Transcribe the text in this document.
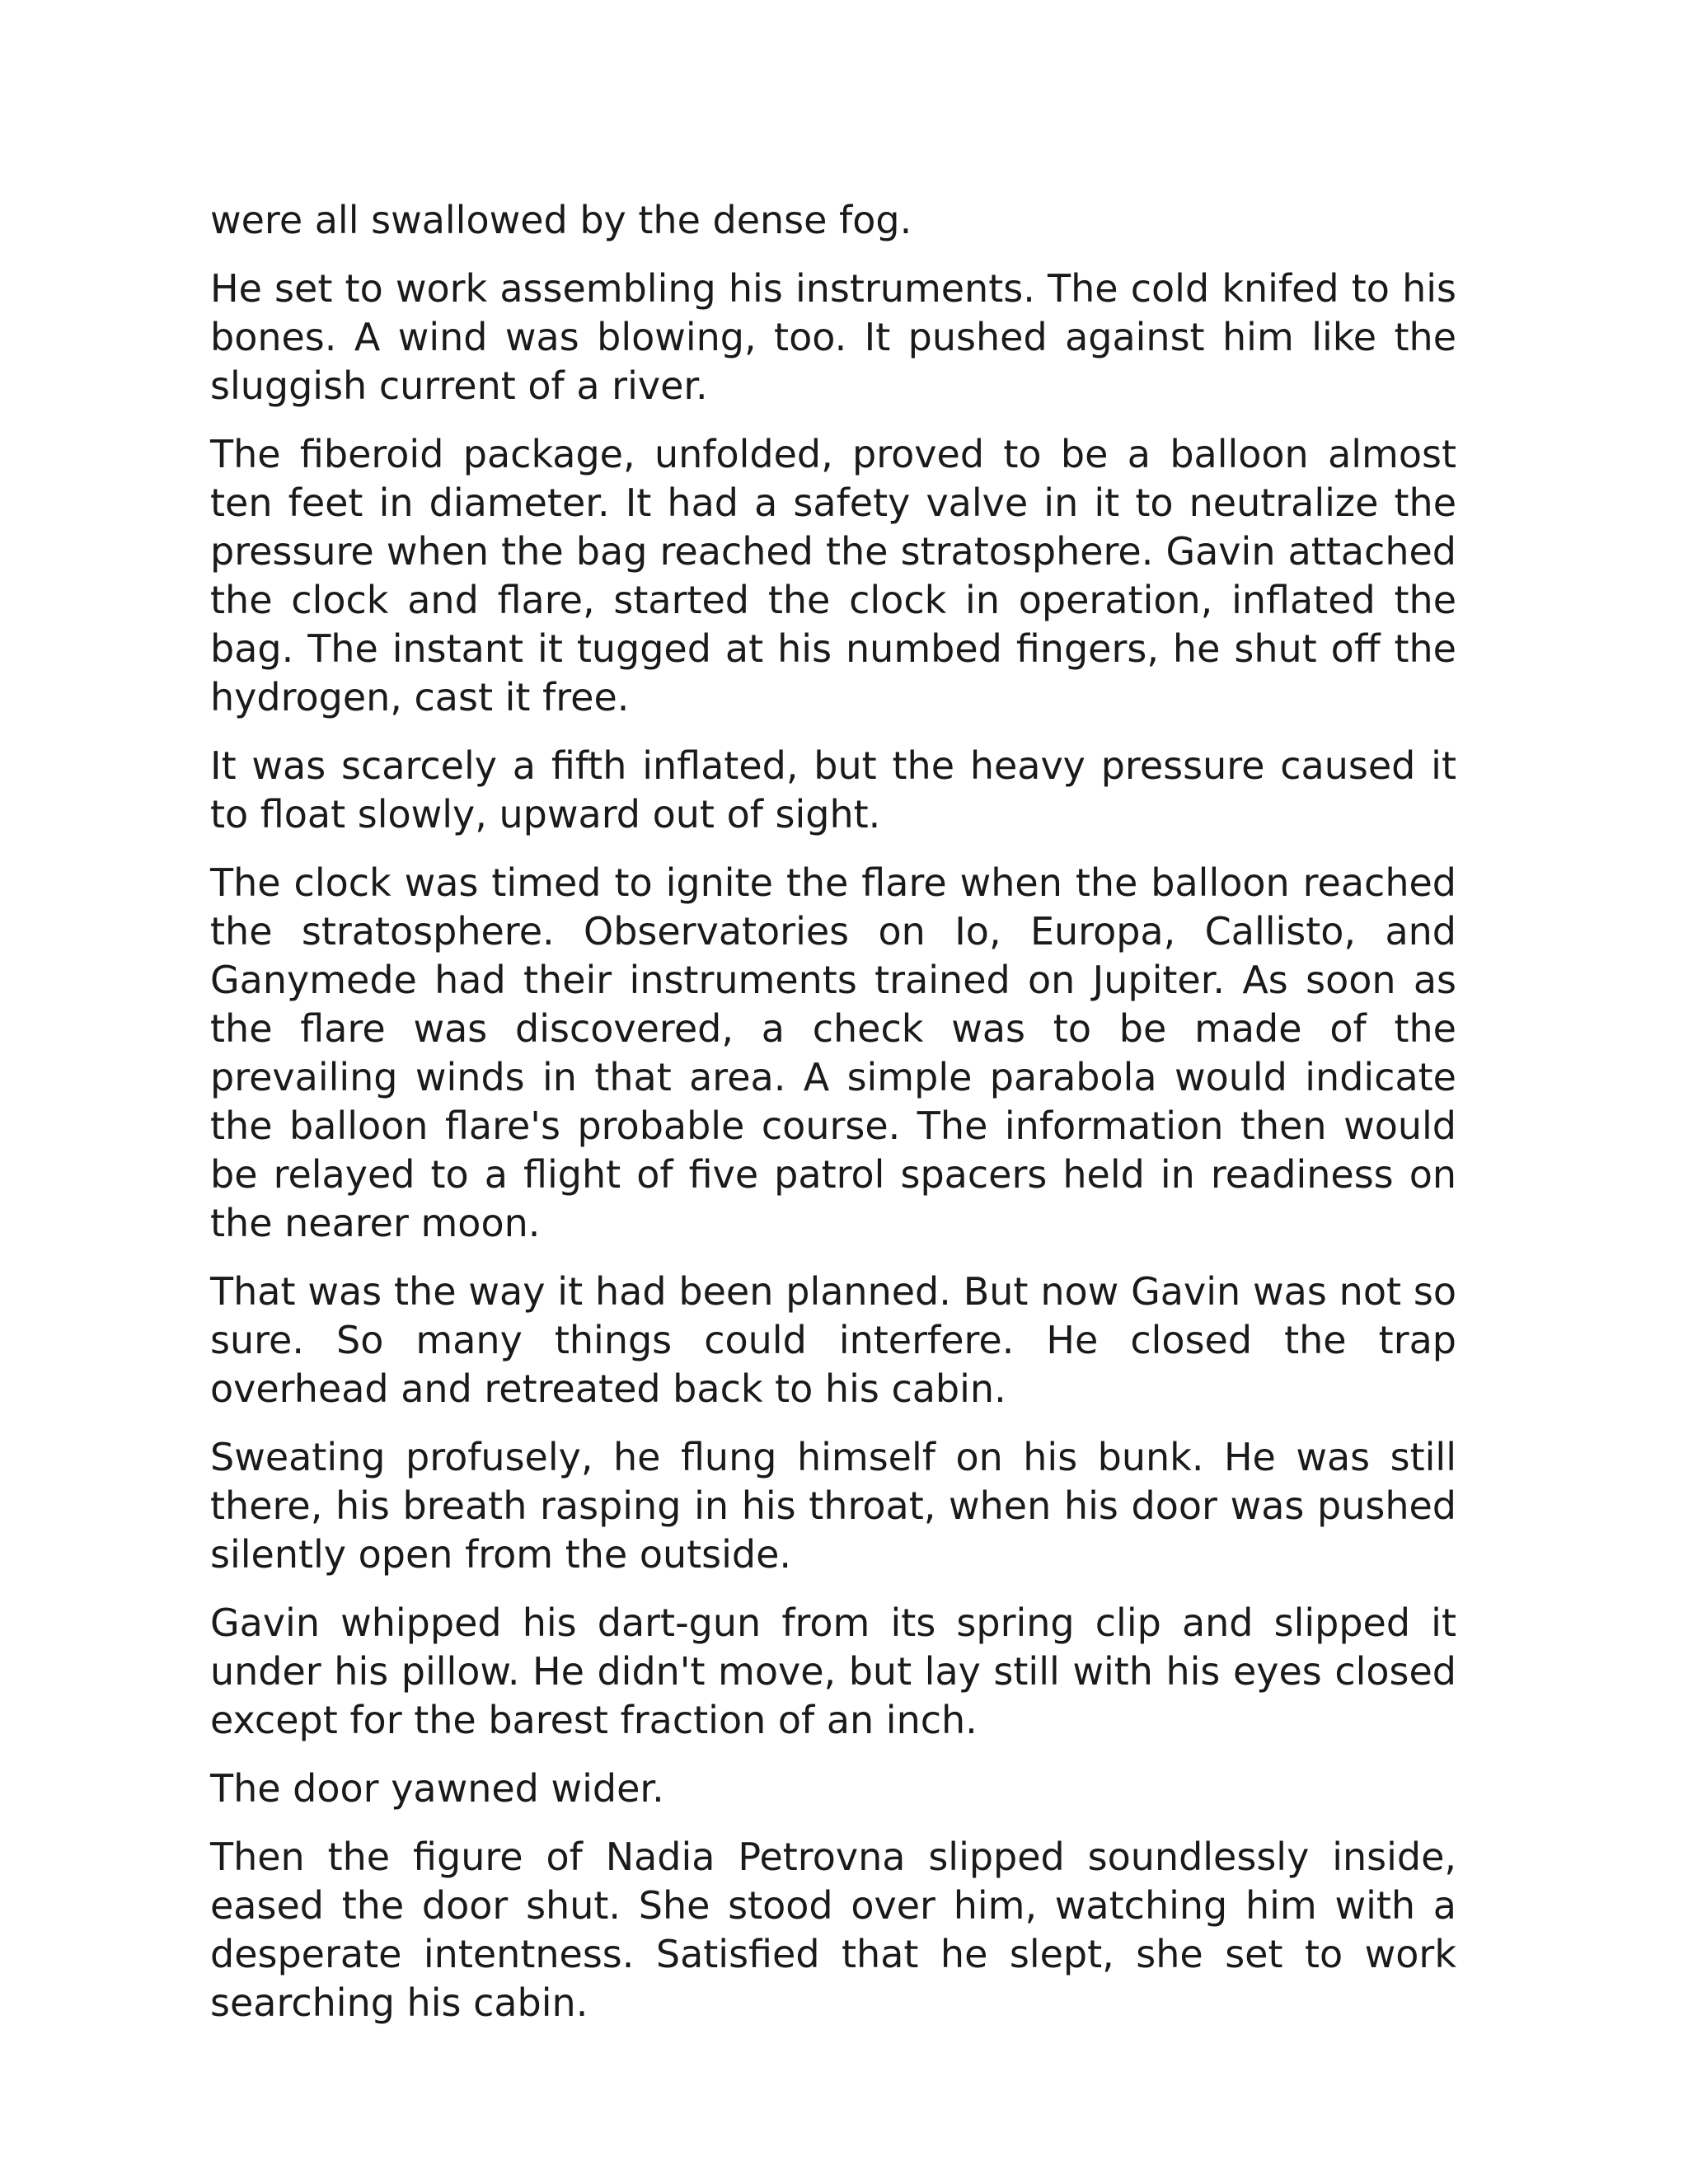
were all swallowed by the dense fog.

He set to work assembling his instruments. The cold knifed to his bones. A wind was blowing, too. It pushed against him like the sluggish current of a river.

The fiberoid package, unfolded, proved to be a balloon almost ten feet in diameter. It had a safety valve in it to neutralize the pressure when the bag reached the stratosphere. Gavin attached the clock and flare, started the clock in operation, inflated the bag. The instant it tugged at his numbed fingers, he shut off the hydrogen, cast it free.

It was scarcely a fifth inflated, but the heavy pressure caused it to float slowly, upward out of sight.

The clock was timed to ignite the flare when the balloon reached the stratosphere. Observatories on Io, Europa, Callisto, and Ganymede had their instruments trained on Jupiter. As soon as the flare was discovered, a check was to be made of the prevailing winds in that area. A simple parabola would indicate the balloon flare's probable course. The information then would be relayed to a flight of five patrol spacers held in readiness on the nearer moon.

That was the way it had been planned. But now Gavin was not so sure. So many things could interfere. He closed the trap overhead and retreated back to his cabin.

Sweating profusely, he flung himself on his bunk. He was still there, his breath rasping in his throat, when his door was pushed silently open from the outside.

Gavin whipped his dart-gun from its spring clip and slipped it under his pillow. He didn't move, but lay still with his eyes closed except for the barest fraction of an inch.

The door yawned wider.

Then the figure of Nadia Petrovna slipped soundlessly inside, eased the door shut. She stood over him, watching him with a desperate intentness. Satisfied that he slept, she set to work searching his cabin.
